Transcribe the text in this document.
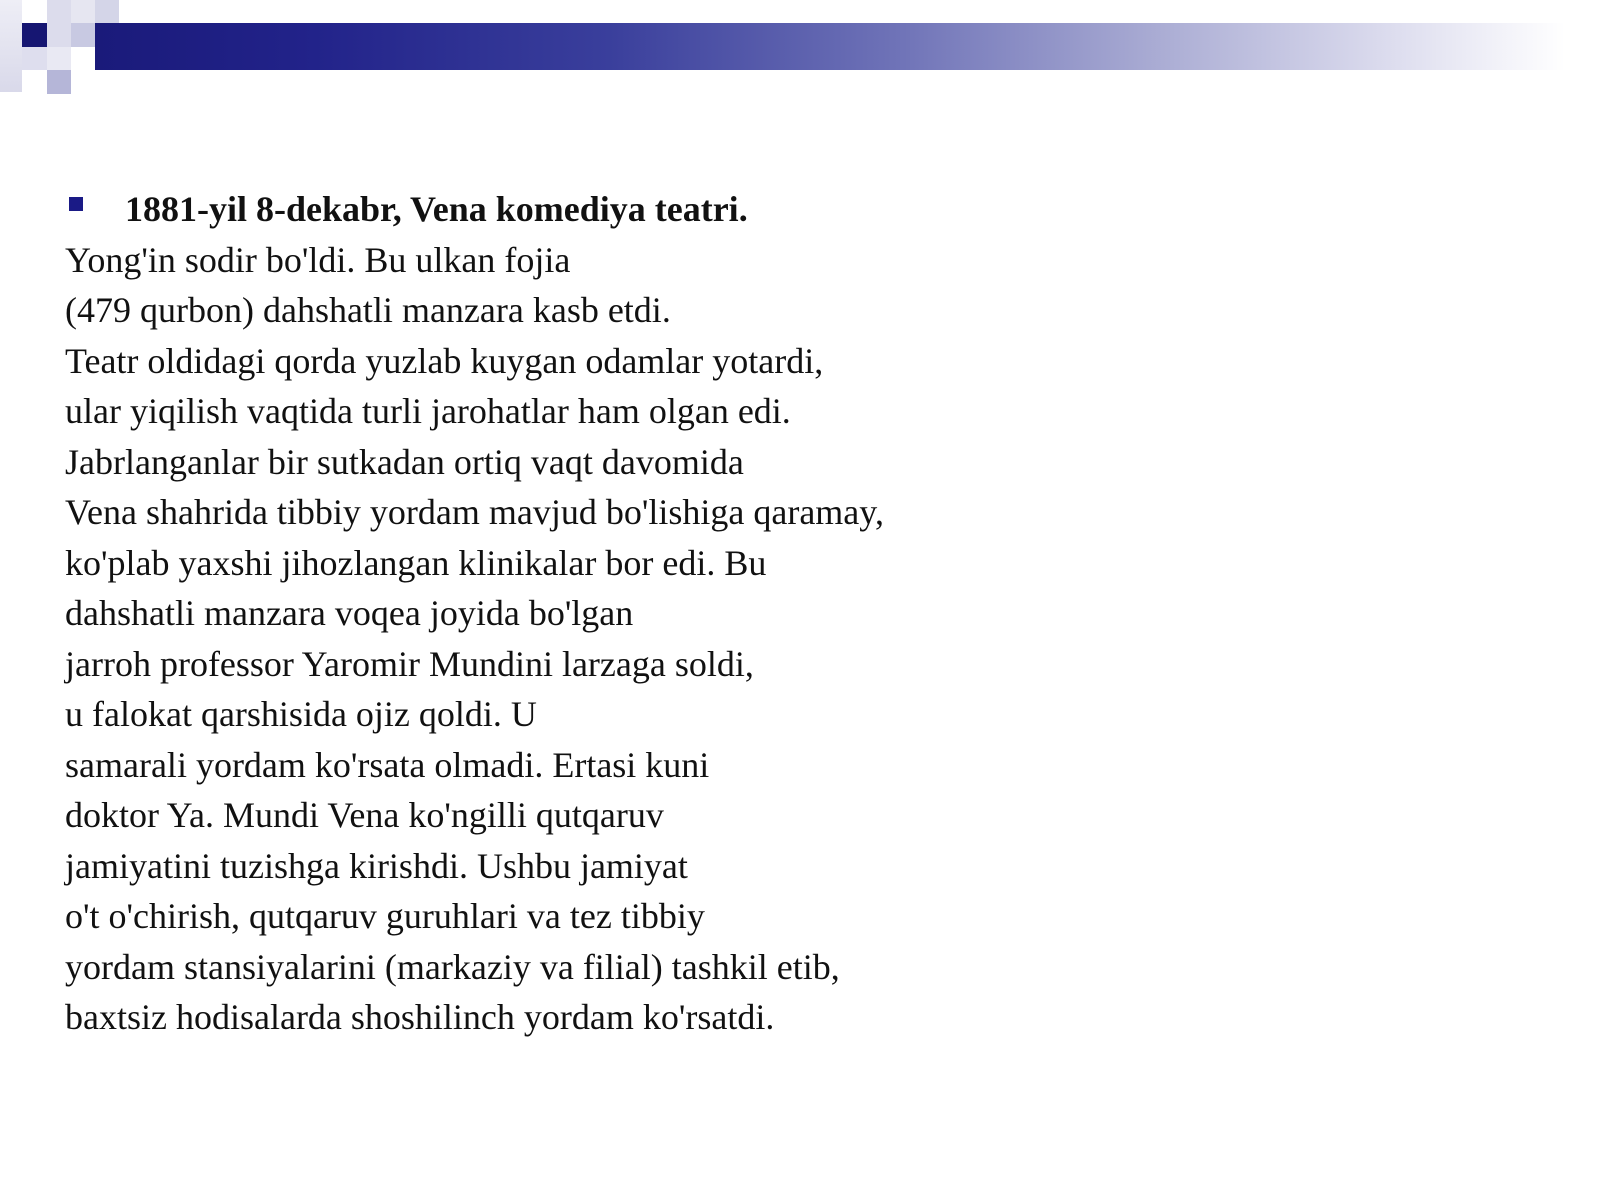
1881-yil 8-dekabr, Vena komediya teatri.
Yong'in sodir bo'ldi. Bu ulkan fojia
(479 qurbon) dahshatli manzara kasb etdi.
Teatr oldidagi qorda yuzlab kuygan odamlar yotardi,
ular yiqilish vaqtida turli jarohatlar ham olgan edi.
Jabrlanganlar bir sutkadan ortiq vaqt davomida
Vena shahrida tibbiy yordam mavjud bo'lishiga qaramay,
ko'plab yaxshi jihozlangan klinikalar bor edi. Bu
dahshatli manzara voqea joyida bo'lgan
jarroh professor Yaromir Mundini larzaga soldi,
u falokat qarshisida ojiz qoldi. U
samarali yordam ko'rsata olmadi. Ertasi kuni
doktor Ya. Mundi Vena ko'ngilli qutqaruv
jamiyatini tuzishga kirishdi. Ushbu jamiyat
o't o'chirish, qutqaruv guruhlari va tez tibbiy
yordam stansiyalarini (markaziy va filial) tashkil etib,
baxtsiz hodisalarda shoshilinch yordam ko'rsatdi.
